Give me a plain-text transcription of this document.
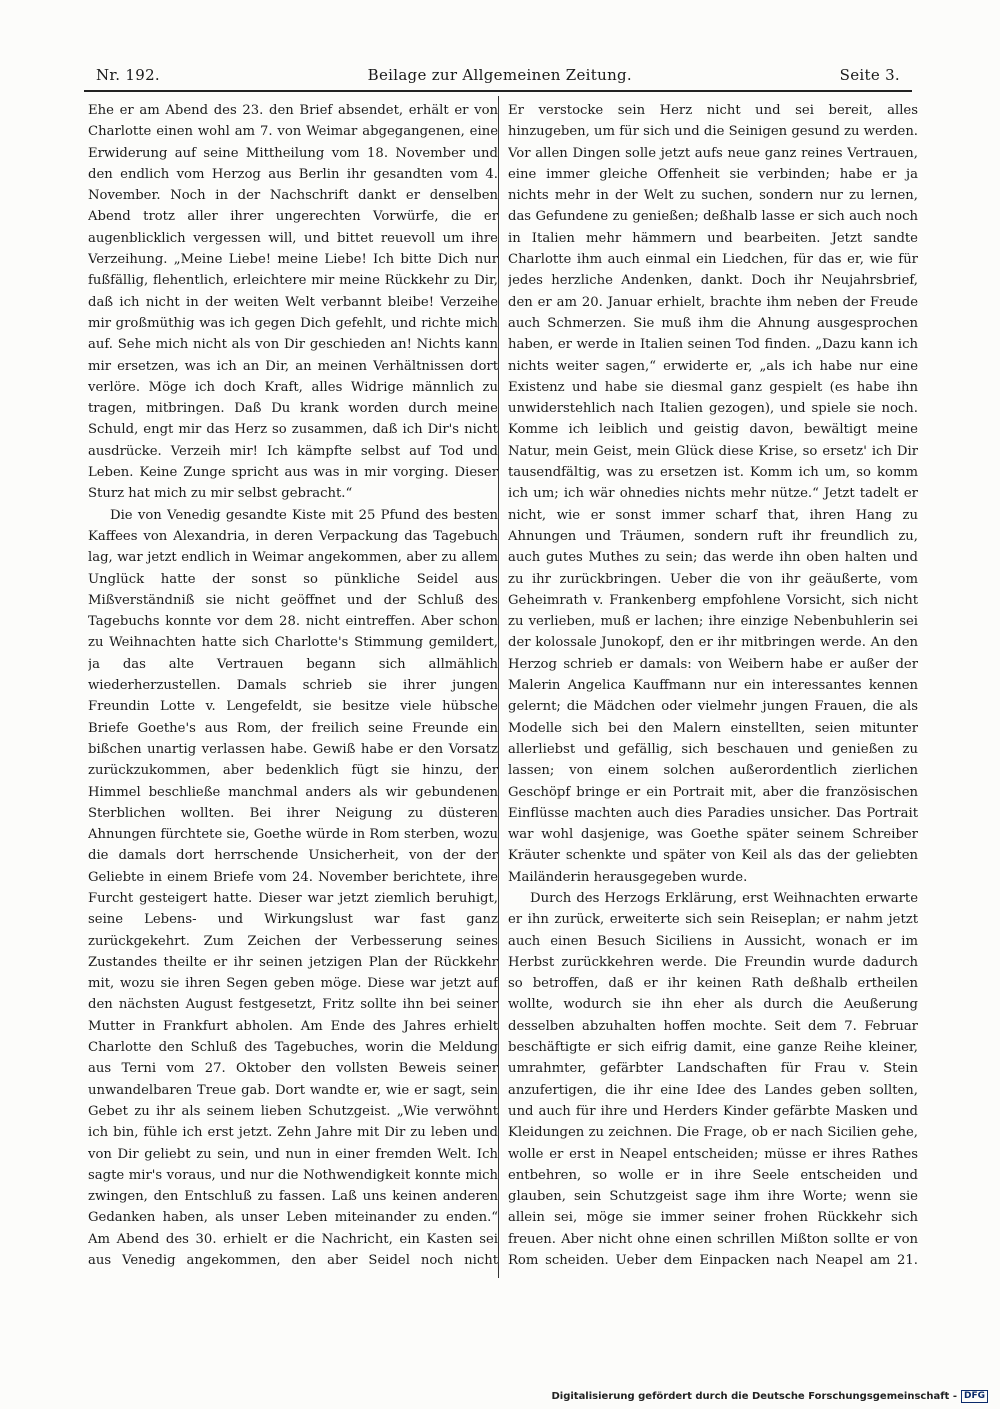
Nr. 192.	Beilage zur Allgemeinen Zeitung.	Seite 3.

Ehe er am Abend des 23. den Brief absendet, erhält er von Charlotte einen wohl am 7. von Weimar abgegangenen, eine Erwiderung auf seine Mittheilung vom 18. November und den endlich vom Herzog aus Berlin ihr gesandten vom 4. November. Noch in der Nachschrift dankt er denselben Abend trotz aller ihrer ungerechten Vorwürfe, die er augenblicklich vergessen will, und bittet reuevoll um ihre Verzeihung. „Meine Liebe! meine Liebe! Ich bitte Dich nur fußfällig, flehentlich, erleichtere mir meine Rückkehr zu Dir, daß ich nicht in der weiten Welt verbannt bleibe! Verzeihe mir großmüthig was ich gegen Dich gefehlt, und richte mich auf. Sehe mich nicht als von Dir geschieden an! Nichts kann mir ersetzen, was ich an Dir, an meinen Verhältnissen dort verlöre. Möge ich doch Kraft, alles Widrige männlich zu tragen, mitbringen. Daß Du krank worden durch meine Schuld, engt mir das Herz so zusammen, daß ich Dir's nicht ausdrücke. Verzeih mir! Ich kämpfte selbst auf Tod und Leben. Keine Zunge spricht aus was in mir vorging. Dieser Sturz hat mich zu mir selbst gebracht.“

Die von Venedig gesandte Kiste mit 25 Pfund des besten Kaffees von Alexandria, in deren Verpackung das Tagebuch lag, war jetzt endlich in Weimar angekommen, aber zu allem Unglück hatte der sonst so pünkliche Seidel aus Mißverständniß sie nicht geöffnet und der Schluß des Tagebuchs konnte vor dem 28. nicht eintreffen. Aber schon zu Weihnachten hatte sich Charlotte's Stimmung gemildert, ja das alte Vertrauen begann sich allmählich wiederherzustellen. Damals schrieb sie ihrer jungen Freundin Lotte v. Lengefeldt, sie besitze viele hübsche Briefe Goethe's aus Rom, der freilich seine Freunde ein bißchen unartig verlassen habe. Gewiß habe er den Vorsatz zurückzukommen, aber bedenklich fügt sie hinzu, der Himmel beschließe manchmal anders als wir gebundenen Sterblichen wollten. Bei ihrer Neigung zu düsteren Ahnungen fürchtete sie, Goethe würde in Rom sterben, wozu die damals dort herrschende Unsicherheit, von der der Geliebte in einem Briefe vom 24. November berichtete, ihre Furcht gesteigert hatte. Dieser war jetzt ziemlich beruhigt, seine Lebens- und Wirkungslust war fast ganz zurückgekehrt. Zum Zeichen der Verbesserung seines Zustandes theilte er ihr seinen jetzigen Plan der Rückkehr mit, wozu sie ihren Segen geben möge. Diese war jetzt auf den nächsten August festgesetzt, Fritz sollte ihn bei seiner Mutter in Frankfurt abholen. Am Ende des Jahres erhielt Charlotte den Schluß des Tagebuches, worin die Meldung aus Terni vom 27. Oktober den vollsten Beweis seiner unwandelbaren Treue gab. Dort wandte er, wie er sagt, sein Gebet zu ihr als seinem lieben Schutzgeist. „Wie verwöhnt ich bin, fühle ich erst jetzt. Zehn Jahre mit Dir zu leben und von Dir geliebt zu sein, und nun in einer fremden Welt. Ich sagte mir's voraus, und nur die Nothwendigkeit konnte mich zwingen, den Entschluß zu fassen. Laß uns keinen anderen Gedanken haben, als unser Leben miteinander zu enden.“ Am Abend des 30. erhielt er die Nachricht, ein Kasten sei aus Venedig angekommen, den aber Seidel noch nicht

Er verstocke sein Herz nicht und sei bereit, alles hinzugeben, um für sich und die Seinigen gesund zu werden. Vor allen Dingen solle jetzt aufs neue ganz reines Vertrauen, eine immer gleiche Offenheit sie verbinden; habe er ja nichts mehr in der Welt zu suchen, sondern nur zu lernen, das Gefundene zu genießen; deßhalb lasse er sich auch noch in Italien mehr hämmern und bearbeiten. Jetzt sandte Charlotte ihm auch einmal ein Liedchen, für das er, wie für jedes herzliche Andenken, dankt. Doch ihr Neujahrsbrief, den er am 20. Januar erhielt, brachte ihm neben der Freude auch Schmerzen. Sie muß ihm die Ahnung ausgesprochen haben, er werde in Italien seinen Tod finden. „Dazu kann ich nichts weiter sagen,“ erwiderte er, „als ich habe nur eine Existenz und habe sie diesmal ganz gespielt (es habe ihn unwiderstehlich nach Italien gezogen), und spiele sie noch. Komme ich leiblich und geistig davon, bewältigt meine Natur, mein Geist, mein Glück diese Krise, so ersetz' ich Dir tausendfältig, was zu ersetzen ist. Komm ich um, so komm ich um; ich wär ohnedies nichts mehr nütze.“ Jetzt tadelt er nicht, wie er sonst immer scharf that, ihren Hang zu Ahnungen und Träumen, sondern ruft ihr freundlich zu, auch gutes Muthes zu sein; das werde ihn oben halten und zu ihr zurückbringen. Ueber die von ihr geäußerte, vom Geheimrath v. Frankenberg empfohlene Vorsicht, sich nicht zu verlieben, muß er lachen; ihre einzige Nebenbuhlerin sei der kolossale Junokopf, den er ihr mitbringen werde. An den Herzog schrieb er damals: von Weibern habe er außer der Malerin Angelica Kauffmann nur ein interessantes kennen gelernt; die Mädchen oder vielmehr jungen Frauen, die als Modelle sich bei den Malern einstellten, seien mitunter allerliebst und gefällig, sich beschauen und genießen zu lassen; von einem solchen außerordentlich zierlichen Geschöpf bringe er ein Portrait mit, aber die französischen Einflüsse machten auch dies Paradies unsicher. Das Portrait war wohl dasjenige, was Goethe später seinem Schreiber Kräuter schenkte und später von Keil als das der geliebten Mailänderin herausgegeben wurde.

Durch des Herzogs Erklärung, erst Weihnachten erwarte er ihn zurück, erweiterte sich sein Reiseplan; er nahm jetzt auch einen Besuch Siciliens in Aussicht, wonach er im Herbst zurückkehren werde. Die Freundin wurde dadurch so betroffen, daß er ihr keinen Rath deßhalb ertheilen wollte, wodurch sie ihn eher als durch die Aeußerung desselben abzuhalten hoffen mochte. Seit dem 7. Februar beschäftigte er sich eifrig damit, eine ganze Reihe kleiner, umrahmter, gefärbter Landschaften für Frau v. Stein anzufertigen, die ihr eine Idee des Landes geben sollten, und auch für ihre und Herders Kinder gefärbte Masken und Kleidungen zu zeichnen. Die Frage, ob er nach Sicilien gehe, wolle er erst in Neapel entscheiden; müsse er ihres Rathes entbehren, so wolle er in ihre Seele entscheiden und glauben, sein Schutzgeist sage ihm ihre Worte; wenn sie allein sei, möge sie immer seiner frohen Rückkehr sich freuen. Aber nicht ohne einen schrillen Mißton sollte er von Rom scheiden. Ueber dem Einpacken nach Neapel am 21.

Digitalisierung gefördert durch die Deutsche Forschungsgemeinschaft - DFG
